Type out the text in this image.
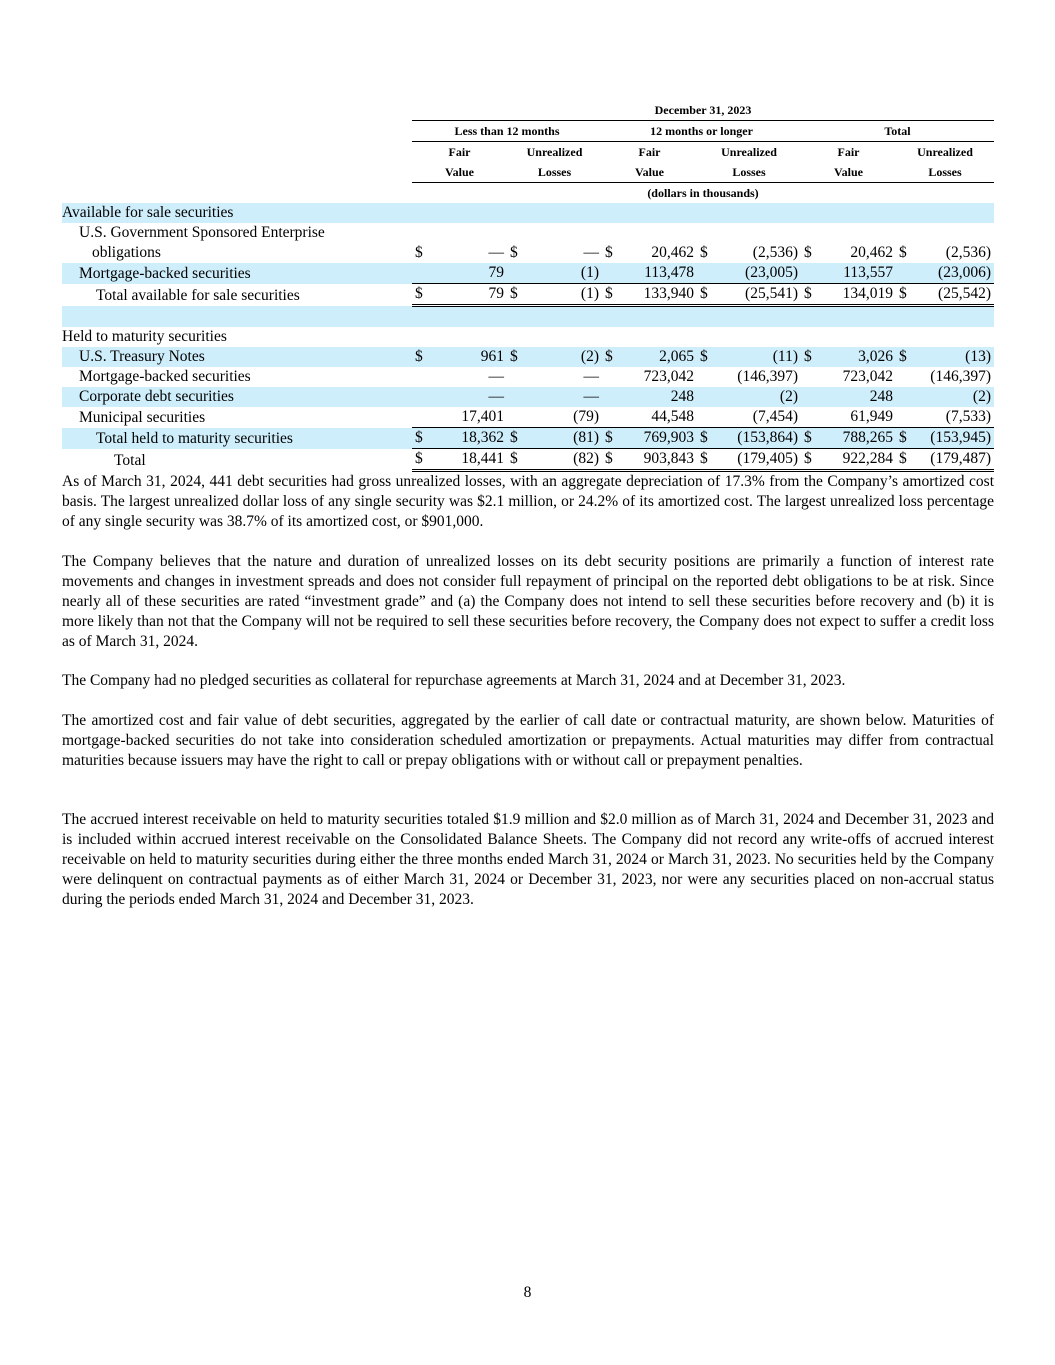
	December 31, 2023											
	Less than 12 months				12 months or longer				Total			
	Fair		Unrealized		Fair		Unrealized		Fair		Unrealized	
	Value		Losses		Value		Losses		Value		Losses	
	(dollars in thousands)											
Available for sale securities												
U.S. Government Sponsored Enterprise												
obligations	$	—	$	—	$	20,462	$	(2,536)	$	20,462	$	(2,536)
Mortgage-backed securities		79		(1)		113,478		(23,005)		113,557		(23,006)
Total available for sale securities	$	79	$	(1)	$	133,940	$	(25,541)	$	134,019	$	(25,542)

Held to maturity securities												
U.S. Treasury Notes	$	961	$	(2)	$	2,065	$	(11)	$	3,026	$	(13)
Mortgage-backed securities		—		—		723,042		(146,397)		723,042		(146,397)
Corporate debt securities		—		—		248		(2)		248		(2)
Municipal securities		17,401		(79)		44,548		(7,454)		61,949		(7,533)
Total held to maturity securities	$	18,362	$	(81)	$	769,903	$	(153,864)	$	788,265	$	(153,945)
Total	$	18,441	$	(82)	$	903,843	$	(179,405)	$	922,284	$	(179,487)

As of March 31, 2024, 441 debt securities had gross unrealized losses, with an aggregate depreciation of 17.3% from the Company’s amortized cost basis. The largest unrealized dollar loss of any single security was $2.1 million, or 24.2% of its amortized cost. The largest unrealized loss percentage of any single security was 38.7% of its amortized cost, or $901,000.

The Company believes that the nature and duration of unrealized losses on its debt security positions are primarily a function of interest rate movements and changes in investment spreads and does not consider full repayment of principal on the reported debt obligations to be at risk. Since nearly all of these securities are rated “investment grade” and (a) the Company does not intend to sell these securities before recovery and (b) it is more likely than not that the Company will not be required to sell these securities before recovery, the Company does not expect to suffer a credit loss as of March 31, 2024.

The Company had no pledged securities as collateral for repurchase agreements at March 31, 2024 and at December 31, 2023.

The amortized cost and fair value of debt securities, aggregated by the earlier of call date or contractual maturity, are shown below. Maturities of mortgage-backed securities do not take into consideration scheduled amortization or prepayments. Actual maturities may differ from contractual maturities because issuers may have the right to call or prepay obligations with or without call or prepayment penalties.

The accrued interest receivable on held to maturity securities totaled $1.9 million and $2.0 million as of March 31, 2024 and December 31, 2023 and is included within accrued interest receivable on the Consolidated Balance Sheets. The Company did not record any write-offs of accrued interest receivable on held to maturity securities during either the three months ended March 31, 2024 or March 31, 2023. No securities held by the Company were delinquent on contractual payments as of either March 31, 2024 or December 31, 2023, nor were any securities placed on non-accrual status during the periods ended March 31, 2024 and December 31, 2023.

8
